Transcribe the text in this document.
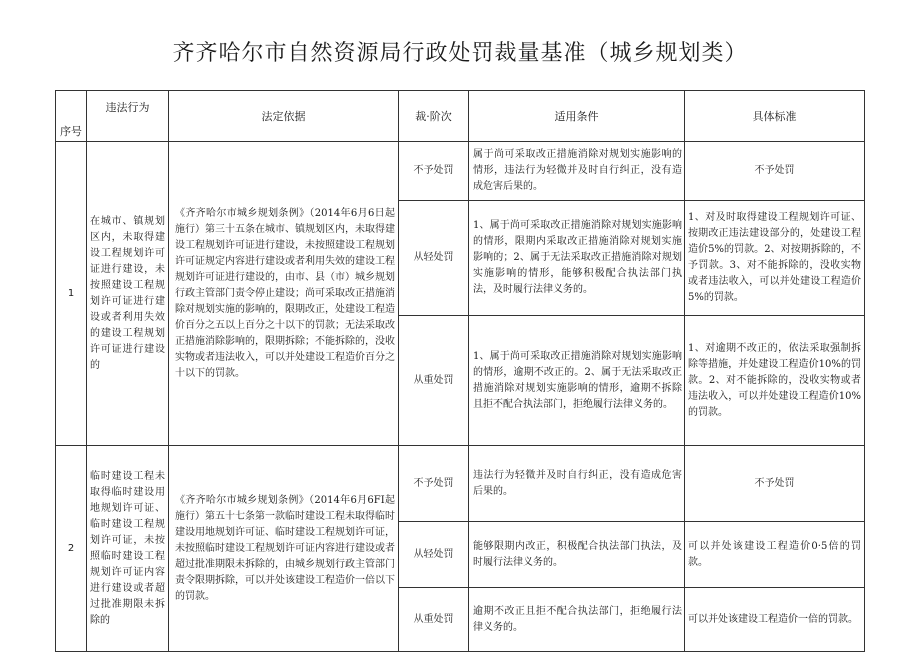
齐齐哈尔市自然资源局行政处罚裁量基准（城乡规划类）
序号	违法行为	法定依据	裁·阶次	适用条件	具体标准
1	在城市、镇规划区内，未取得建设工程规划许可证进行建设，未按照建设工程规划许可证进行建设或者利用失效的建设工程规划许可证进行建设的	《齐齐哈尔市城乡规划条例》（2014年6月6日起施行）第三十五条在城市、镇规划区内，未取得建设工程规划许可证进行建设，未按照建设工程规划许可证规定内容进行建设或者利用失效的建设工程规划许可证进行建设的，由市、县（市）城乡规划行政主管部门责令停止建设；尚可采取改正措施消除对规划实施的影响的，限期改正，处建设工程造价百分之五以上百分之十以下的罚款；无法采取改正措施消除影响的，限期拆除；不能拆除的，没收实物或者违法收入，可以并处建设工程造价百分之十以下的罚款。	不予处罚	属于尚可采取改正措施消除对规划实施影响的情形，违法行为轻微并及时自行纠正，没有造成危害后果的。	不予处罚
			从轻处罚	1、属于尚可采取改正措施消除对规划实施影响的情形，限期内采取改正措施消除对规划实施影响的；2、属于无法采取改正措施消除对规划实施影响的情形，能够积极配合执法部门执法，及时履行法律义务的。	1、对及时取得建设工程规划许可证、按期改正违法建设部分的，处建设工程造价5%的罚款。2、对按期拆除的，不予罚款。3、对不能拆除的，没收实物或者违法收入，可以并处建设工程造价5%的罚款。
			从重处罚	1、属于尚可采取改正措施消除对规划实施影响的情形，逾期不改正的。2、属于无法采取改正措施消除对规划实施影响的情形，逾期不拆除且拒不配合执法部门，拒绝履行法律义务的。	1、对逾期不改正的，依法采取强制拆除等措施，并处建设工程造价10%的罚款。2、对不能拆除的，没收实物或者违法收入，可以并处建设工程造价10%的罚款。
2	临时建设工程未取得临时建设用地规划许可证、临时建设工程规划许可证，未按照临时建设工程规划许可证内容进行建设或者超过批准期限未拆除的	《齐齐哈尔市城乡规划条例》（2014年6月6FI起施行）第五十七条第一款临时建设工程未取得临时建设用地规划许可证、临时建设工程规划许可证，未按照临时建设工程规划许可证内容进行建设或者超过批准期限未拆除的，由城乡规划行政主管部门责令限期拆除，可以并处该建设工程造价一倍以下的罚款。	不予处罚	违法行为轻微并及时自行纠正，没有造成危害后果的。	不予处罚
			从轻处罚	能够限期内改正，积极配合执法部门执法，及时履行法律义务的。	可以并处该建设工程造价0·5倍的罚款。
			从重处罚	逾期不改正且拒不配合执法部门，拒绝履行法律义务的。	可以并处该建设工程造价一倍的罚款。
